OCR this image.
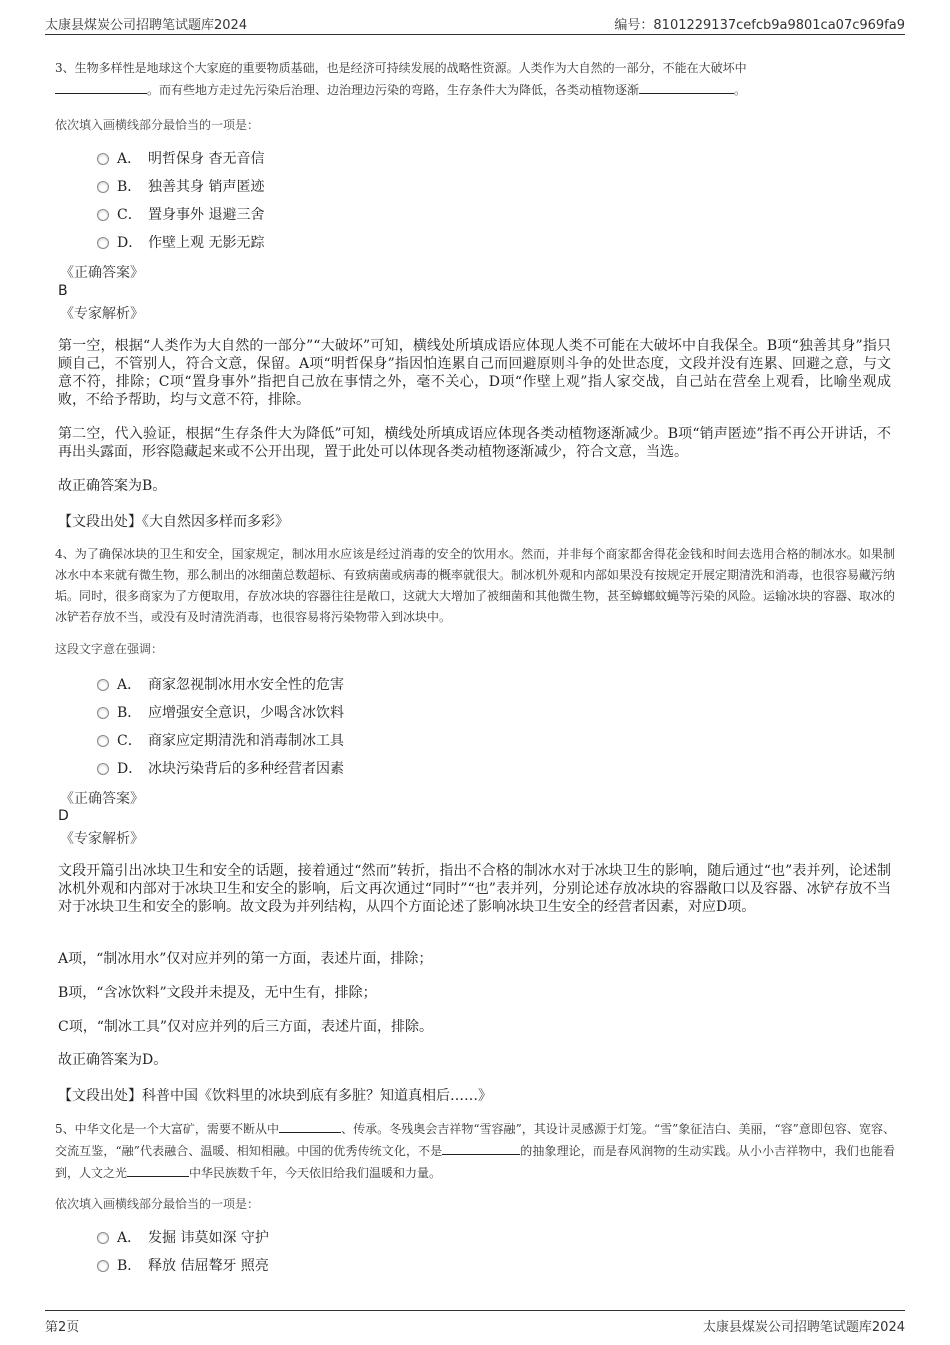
太康县煤炭公司招聘笔试题库2024	编号：8101229137cefcb9a9801ca07c969fa9
3、生物多样性是地球这个大家庭的重要物质基础，也是经济可持续发展的战略性资源。人类作为大自然的一部分，不能在大破坏中
。而有些地方走过先污染后治理、边治理边污染的弯路，生存条件大为降低，各类动植物逐渐	。
依次填入画横线部分最恰当的一项是：
A． 明哲保身 杳无音信
B． 独善其身 销声匿迹
C． 置身事外 退避三舍
D． 作壁上观 无影无踪
《正确答案》
B
《专家解析》
第一空，根据“人类作为大自然的一部分”“大破坏”可知，横线处所填成语应体现人类不可能在大破坏中自我保全。B项“独善其身”指只顾自己，不管别人，符合文意，保留。A项“明哲保身”指因怕连累自己而回避原则斗争的处世态度，文段并没有连累、回避之意，与文意不符，排除；C项“置身事外”指把自己放在事情之外，毫不关心，D项“作壁上观”指人家交战，自己站在营垒上观看，比喻坐观成败，不给予帮助，均与文意不符，排除。
第二空，代入验证，根据“生存条件大为降低”可知，横线处所填成语应体现各类动植物逐渐减少。B项“销声匿迹”指不再公开讲话，不再出头露面，形容隐藏起来或不公开出现，置于此处可以体现各类动植物逐渐减少，符合文意，当选。
故正确答案为B。
【文段出处】《大自然因多样而多彩》
4、为了确保冰块的卫生和安全，国家规定，制冰用水应该是经过消毒的安全的饮用水。然而，并非每个商家都舍得花金钱和时间去选用合格的制冰水。如果制冰水中本来就有微生物，那么制出的冰细菌总数超标、有致病菌或病毒的概率就很大。制冰机外观和内部如果没有按规定开展定期清洗和消毒，也很容易藏污纳垢。同时，很多商家为了方便取用，存放冰块的容器往往是敞口，这就大大增加了被细菌和其他微生物，甚至蟑螂蚊蝇等污染的风险。运输冰块的容器、取冰的冰铲若存放不当，或没有及时清洗消毒，也很容易将污染物带入到冰块中。
这段文字意在强调：
A． 商家忽视制冰用水安全性的危害
B． 应增强安全意识，少喝含冰饮料
C． 商家应定期清洗和消毒制冰工具
D． 冰块污染背后的多种经营者因素
《正确答案》
D
《专家解析》
文段开篇引出冰块卫生和安全的话题，接着通过“然而”转折，指出不合格的制冰水对于冰块卫生的影响，随后通过“也”表并列，论述制冰机外观和内部对于冰块卫生和安全的影响，后文再次通过“同时”“也”表并列，分别论述存放冰块的容器敞口以及容器、冰铲存放不当对于冰块卫生和安全的影响。故文段为并列结构，从四个方面论述了影响冰块卫生安全的经营者因素，对应D项。
A项，“制冰用水”仅对应并列的第一方面，表述片面，排除；
B项，“含冰饮料”文段并未提及，无中生有，排除；
C项，“制冰工具”仅对应并列的后三方面，表述片面，排除。
故正确答案为D。
【文段出处】科普中国《饮料里的冰块到底有多脏？知道真相后……》
5、中华文化是一个大富矿，需要不断从中	、传承。冬残奥会吉祥物“雪容融”，其设计灵感源于灯笼。“雪”象征洁白、美丽，“容”意即包容、宽容、交流互鉴，“融”代表融合、温暖、相知相融。中国的优秀传统文化，不是	的抽象理论，而是春风润物的生动实践。从小小吉祥物中，我们也能看到，人文之光	中华民族数千年，今天依旧给我们温暖和力量。
依次填入画横线部分最恰当的一项是：
A． 发掘 讳莫如深 守护
B． 释放 佶屈聱牙 照亮
第2页	太康县煤炭公司招聘笔试题库2024
